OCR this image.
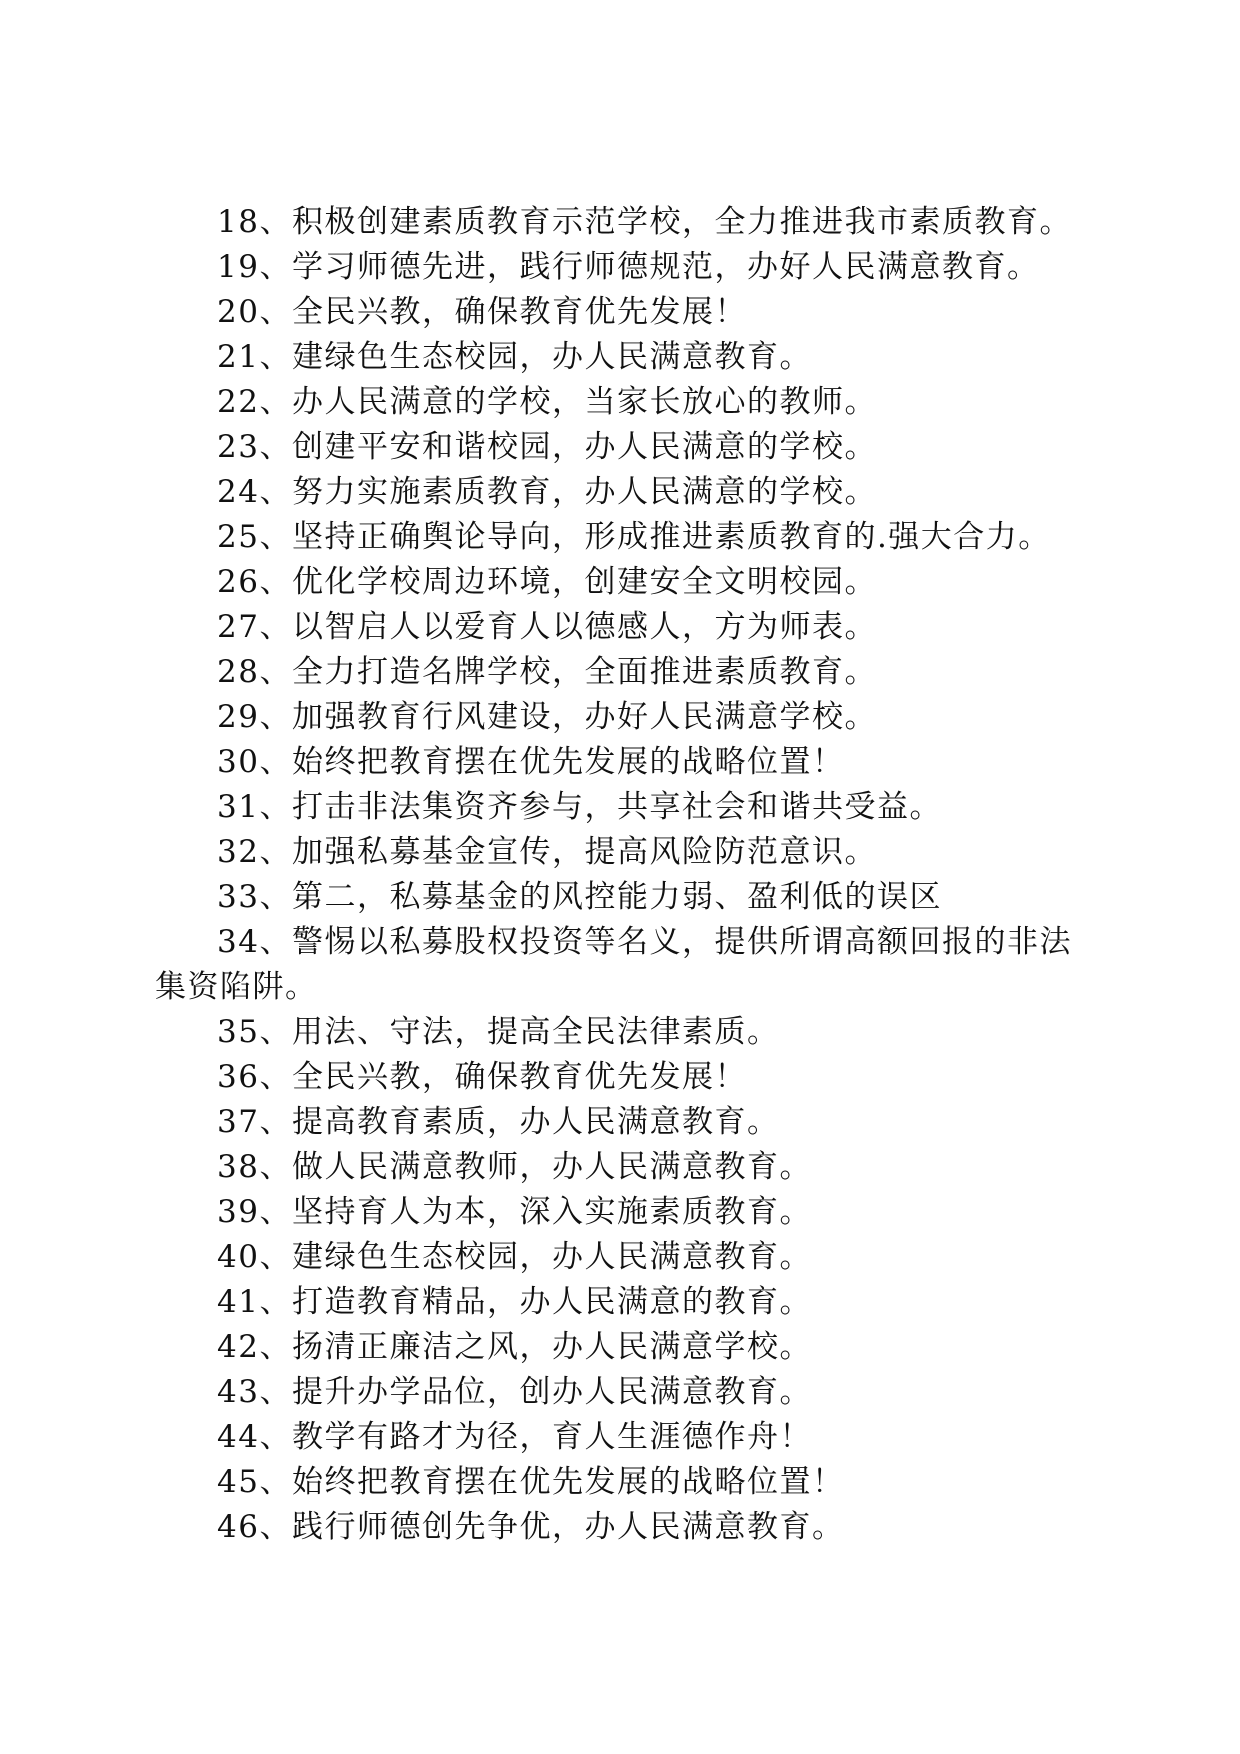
18、积极创建素质教育示范学校，全力推进我市素质教育。

19、学习师德先进，践行师德规范，办好人民满意教育。

20、全民兴教，确保教育优先发展！

21、建绿色生态校园，办人民满意教育。

22、办人民满意的学校，当家长放心的教师。

23、创建平安和谐校园，办人民满意的学校。

24、努力实施素质教育，办人民满意的学校。

25、坚持正确舆论导向，形成推进素质教育的.强大合力。

26、优化学校周边环境，创建安全文明校园。

27、以智启人以爱育人以德感人，方为师表。

28、全力打造名牌学校，全面推进素质教育。

29、加强教育行风建设，办好人民满意学校。

30、始终把教育摆在优先发展的战略位置！

31、打击非法集资齐参与，共享社会和谐共受益。

32、加强私募基金宣传，提高风险防范意识。

33、第二，私募基金的风控能力弱、盈利低的误区

34、警惕以私募股权投资等名义，提供所谓高额回报的非法集资陷阱。

35、用法、守法，提高全民法律素质。

36、全民兴教，确保教育优先发展！

37、提高教育素质，办人民满意教育。

38、做人民满意教师，办人民满意教育。

39、坚持育人为本，深入实施素质教育。

40、建绿色生态校园，办人民满意教育。

41、打造教育精品，办人民满意的教育。

42、扬清正廉洁之风，办人民满意学校。

43、提升办学品位，创办人民满意教育。

44、教学有路才为径，育人生涯德作舟！

45、始终把教育摆在优先发展的战略位置！

46、践行师德创先争优，办人民满意教育。
